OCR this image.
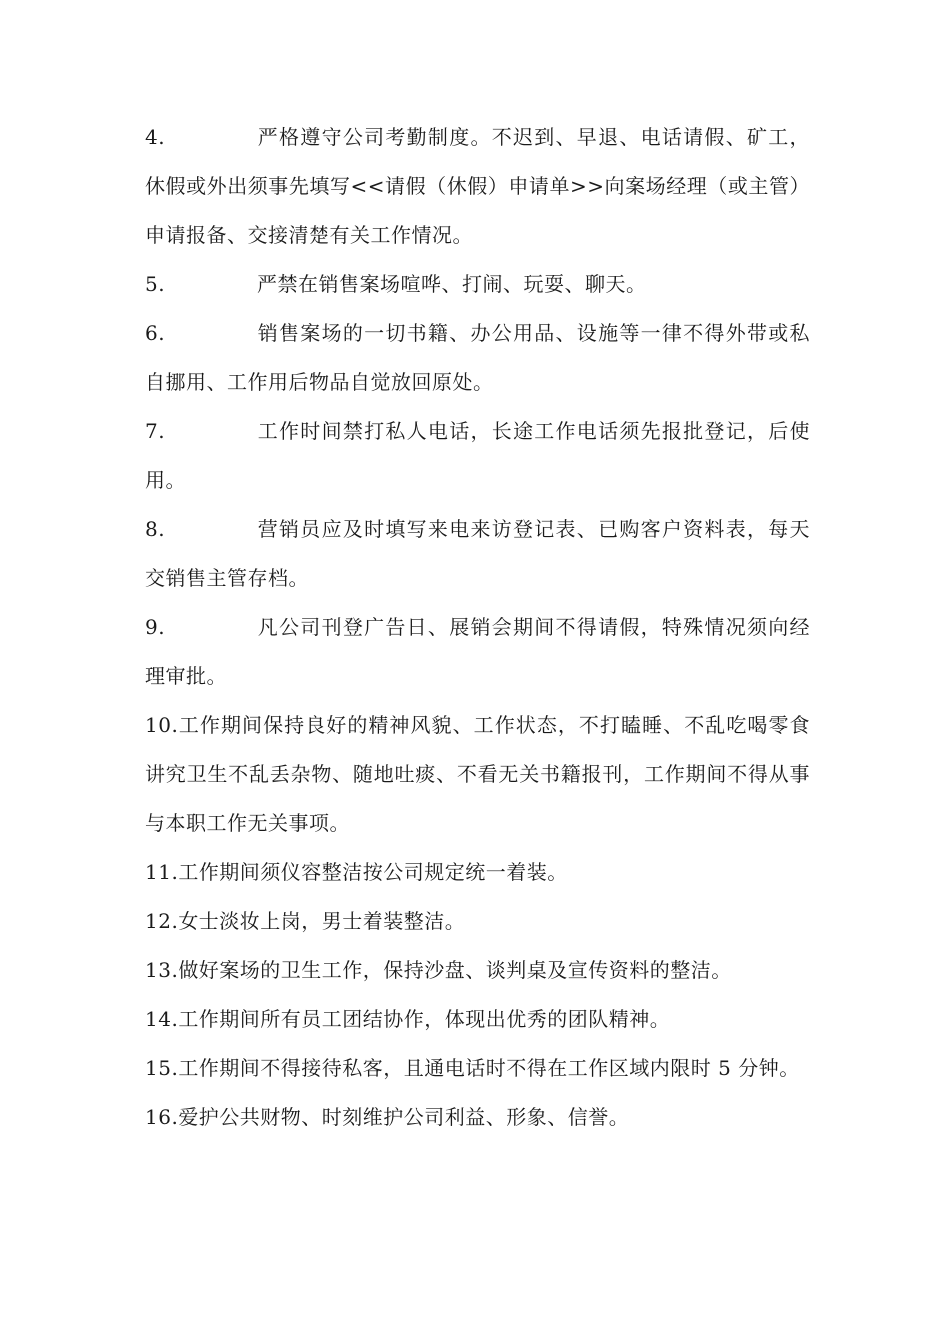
4.	严格遵守公司考勤制度。不迟到、早退、电话请假、矿工，休假或外出须事先填写<<请假（休假）申请单>>向案场经理（或主管）申请报备、交接清楚有关工作情况。

5.	严禁在销售案场喧哗、打闹、玩耍、聊天。

6.	销售案场的一切书籍、办公用品、设施等一律不得外带或私自挪用、工作用后物品自觉放回原处。

7.	工作时间禁打私人电话，长途工作电话须先报批登记，后使用。

8.	营销员应及时填写来电来访登记表、已购客户资料表，每天交销售主管存档。

9.	凡公司刊登广告日、展销会期间不得请假，特殊情况须向经理审批。

10.工作期间保持良好的精神风貌、工作状态，不打瞌睡、不乱吃喝零食讲究卫生不乱丢杂物、随地吐痰、不看无关书籍报刊，工作期间不得从事与本职工作无关事项。

11.工作期间须仪容整洁按公司规定统一着装。

12.女士淡妆上岗，男士着装整洁。

13.做好案场的卫生工作，保持沙盘、谈判桌及宣传资料的整洁。

14.工作期间所有员工团结协作，体现出优秀的团队精神。

15.工作期间不得接待私客，且通电话时不得在工作区域内限时 5 分钟。

16.爱护公共财物、时刻维护公司利益、形象、信誉。
